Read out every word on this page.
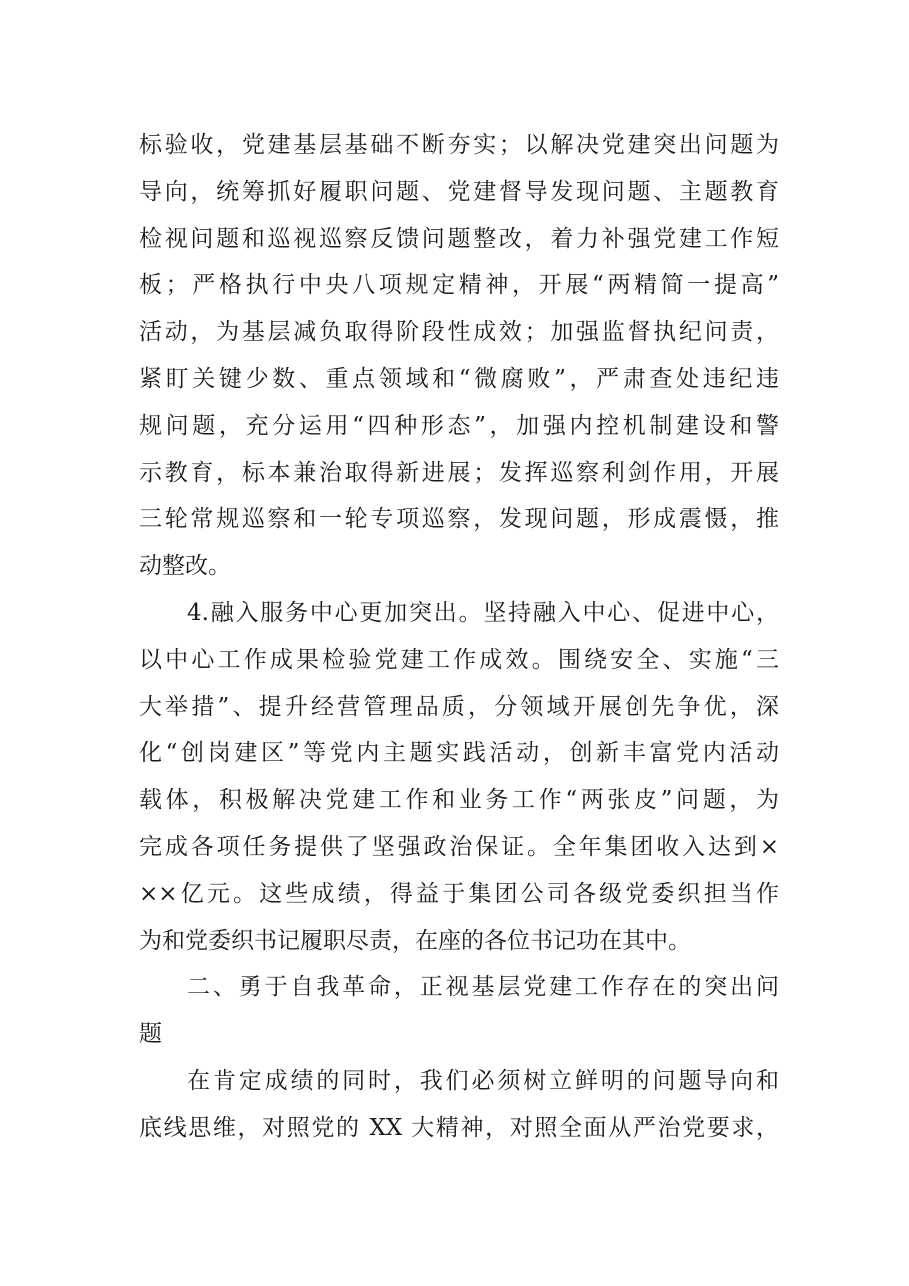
标验收，党建基层基础不断夯实；以解决党建突出问题为
导向，统筹抓好履职问题、党建督导发现问题、主题教育
检视问题和巡视巡察反馈问题整改，着力补强党建工作短
板；严格执行中央八项规定精神，开展“两精简一提高”
活动，为基层减负取得阶段性成效；加强监督执纪问责，
紧盯关键少数、重点领域和“微腐败”，严肃查处违纪违
规问题，充分运用“四种形态”，加强内控机制建设和警
示教育，标本兼治取得新进展；发挥巡察利剑作用，开展
三轮常规巡察和一轮专项巡察，发现问题，形成震慑，推
动整改。
4.融入服务中心更加突出。坚持融入中心、促进中心，
以中心工作成果检验党建工作成效。围绕安全、实施“三
大举措”、提升经营管理品质，分领域开展创先争优，深
化“创岗建区”等党内主题实践活动，创新丰富党内活动
载体，积极解决党建工作和业务工作“两张皮”问题，为
完成各项任务提供了坚强政治保证。全年集团收入达到×
××亿元。这些成绩，得益于集团公司各级党委织担当作
为和党委织书记履职尽责，在座的各位书记功在其中。
二、勇于自我革命，正视基层党建工作存在的突出问
题
在肯定成绩的同时，我们必须树立鲜明的问题导向和
底线思维，对照党的 XX 大精神，对照全面从严治党要求，
